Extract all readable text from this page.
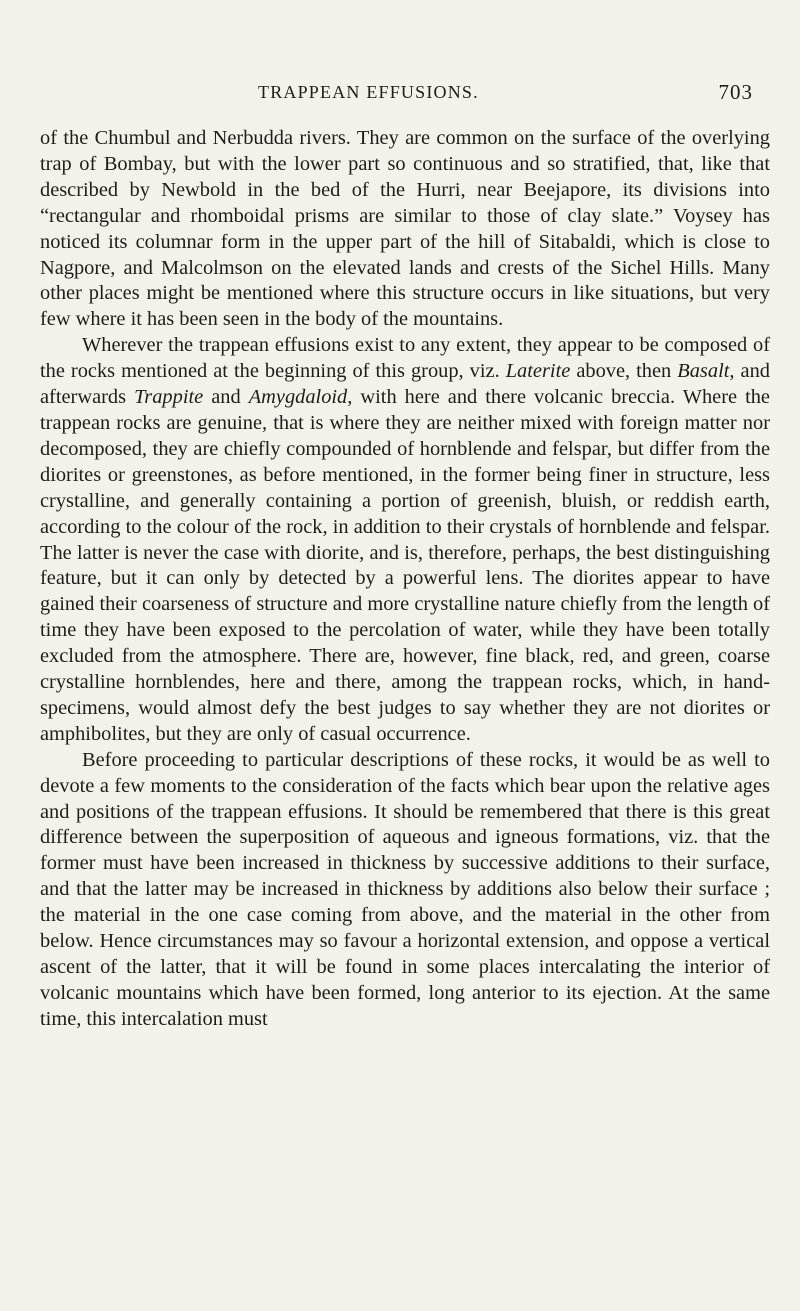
TRAPPEAN EFFUSIONS.	703

of the Chumbul and Nerbudda rivers. They are common on the surface of the overlying trap of Bombay, but with the lower part so continuous and so stratified, that, like that described by Newbold in the bed of the Hurri, near Beejapore, its divisions into “rectangular and rhomboidal prisms are similar to those of clay slate.” Voysey has noticed its columnar form in the upper part of the hill of Sitabaldi, which is close to Nagpore, and Malcolmson on the elevated lands and crests of the Sichel Hills. Many other places might be mentioned where this structure occurs in like situations, but very few where it has been seen in the body of the mountains.

Wherever the trappean effusions exist to any extent, they appear to be composed of the rocks mentioned at the beginning of this group, viz. Laterite above, then Basalt, and afterwards Trappite and Amygdaloid, with here and there volcanic breccia. Where the trappean rocks are genuine, that is where they are neither mixed with foreign matter nor decomposed, they are chiefly compounded of hornblende and felspar, but differ from the diorites or greenstones, as before mentioned, in the former being finer in structure, less crystalline, and generally containing a portion of greenish, bluish, or reddish earth, according to the colour of the rock, in addition to their crystals of hornblende and felspar. The latter is never the case with diorite, and is, therefore, perhaps, the best distinguishing feature, but it can only by detected by a powerful lens. The diorites appear to have gained their coarseness of structure and more crystalline nature chiefly from the length of time they have been exposed to the percolation of water, while they have been totally excluded from the atmosphere. There are, however, fine black, red, and green, coarse crystalline hornblendes, here and there, among the trappean rocks, which, in hand-specimens, would almost defy the best judges to say whether they are not diorites or amphibolites, but they are only of casual occurrence.

Before proceeding to particular descriptions of these rocks, it would be as well to devote a few moments to the consideration of the facts which bear upon the relative ages and positions of the trappean effusions. It should be remembered that there is this great difference between the superposition of aqueous and igneous formations, viz. that the former must have been increased in thickness by successive additions to their surface, and that the latter may be increased in thickness by additions also below their surface ; the material in the one case coming from above, and the material in the other from below. Hence circumstances may so favour a horizontal extension, and oppose a vertical ascent of the latter, that it will be found in some places intercalating the interior of volcanic mountains which have been formed, long anterior to its ejection. At the same time, this intercalation must
